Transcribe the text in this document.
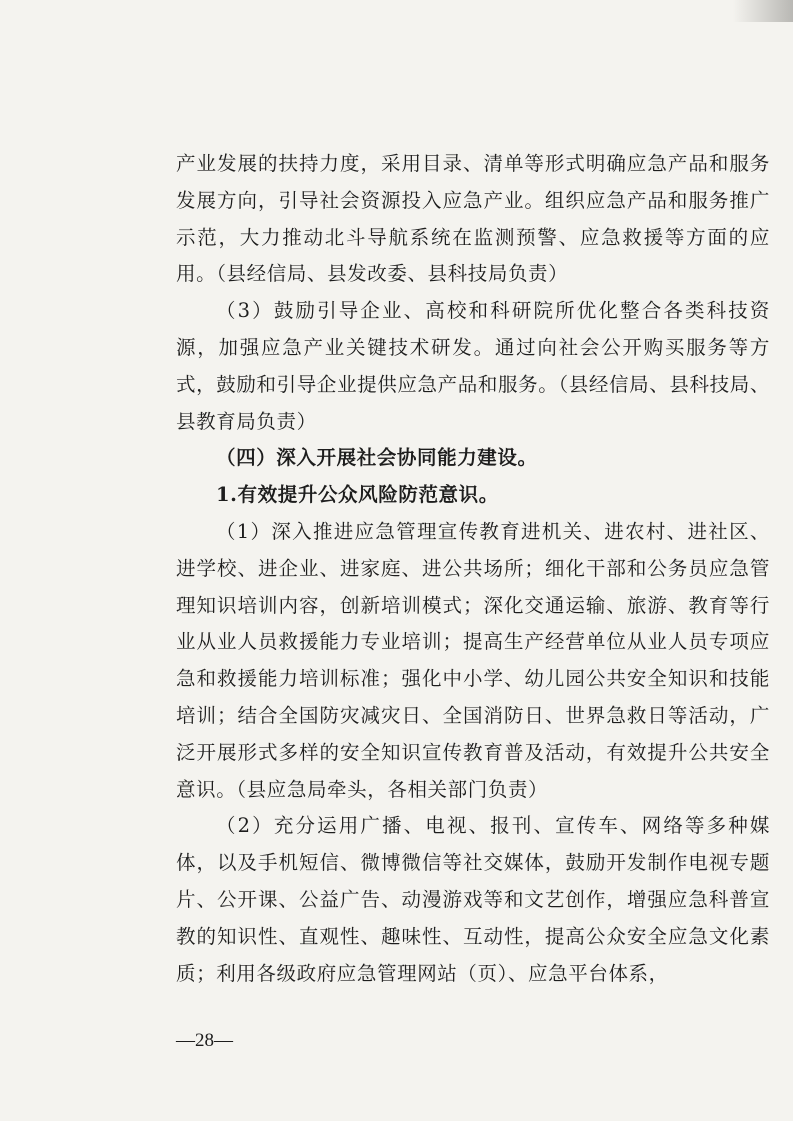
产业发展的扶持力度，采用目录、清单等形式明确应急产品和服务发展方向，引导社会资源投入应急产业。组织应急产品和服务推广示范，大力推动北斗导航系统在监测预警、应急救援等方面的应用。（县经信局、县发改委、县科技局负责）

（3）鼓励引导企业、高校和科研院所优化整合各类科技资源，加强应急产业关键技术研发。通过向社会公开购买服务等方式，鼓励和引导企业提供应急产品和服务。（县经信局、县科技局、县教育局负责）

（四）深入开展社会协同能力建设。

1.有效提升公众风险防范意识。

（1）深入推进应急管理宣传教育进机关、进农村、进社区、进学校、进企业、进家庭、进公共场所；细化干部和公务员应急管理知识培训内容，创新培训模式；深化交通运输、旅游、教育等行业从业人员救援能力专业培训；提高生产经营单位从业人员专项应急和救援能力培训标准；强化中小学、幼儿园公共安全知识和技能培训；结合全国防灾减灾日、全国消防日、世界急救日等活动，广泛开展形式多样的安全知识宣传教育普及活动，有效提升公共安全意识。（县应急局牵头，各相关部门负责）

（2）充分运用广播、电视、报刊、宣传车、网络等多种媒体，以及手机短信、微博微信等社交媒体，鼓励开发制作电视专题片、公开课、公益广告、动漫游戏等和文艺创作，增强应急科普宣教的知识性、直观性、趣味性、互动性，提高公众安全应急文化素质；利用各级政府应急管理网站（页）、应急平台体系，

—28—
